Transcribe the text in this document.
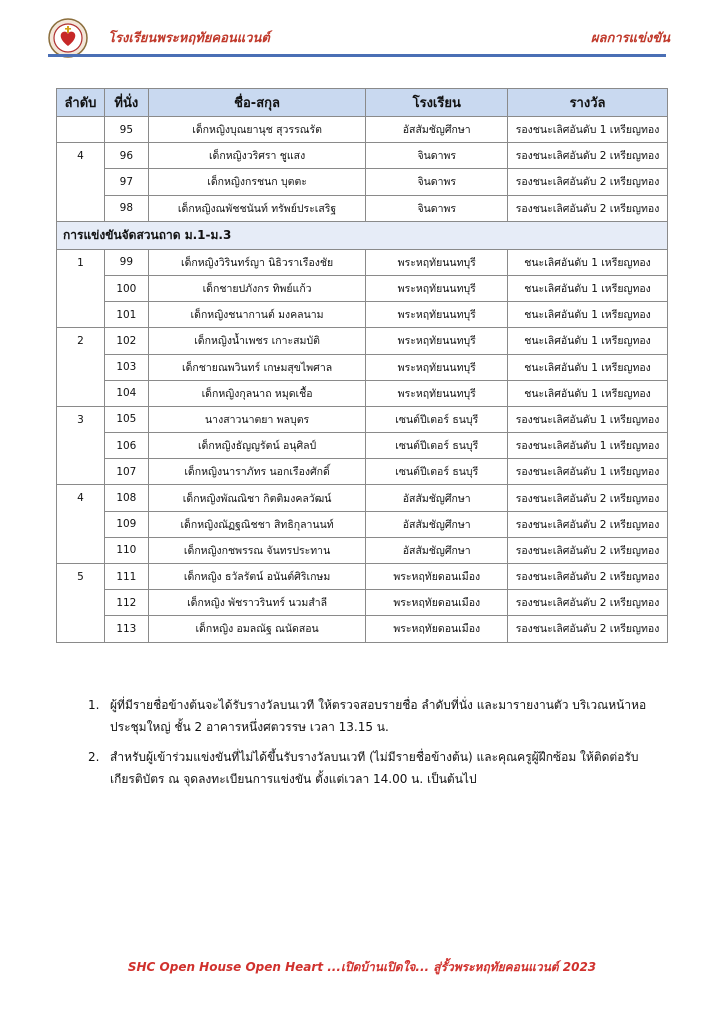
โรงเรียนพระหฤทัยคอนแวนต์	ผลการแข่งขัน
ลำดับ	ที่นั่ง	ชื่อ-สกุล	โรงเรียน	รางวัล
	95	เด็กหญิงบุณยานุช สุวรรณรัต	อัสสัมชัญศึกษา	รองชนะเลิศอันดับ 1 เหรียญทอง
4	96	เด็กหญิงวริศรา ชูแสง	จินดาพร	รองชนะเลิศอันดับ 2 เหรียญทอง
	97	เด็กหญิงกรชนก บุตตะ	จินดาพร	รองชนะเลิศอันดับ 2 เหรียญทอง
	98	เด็กหญิงณพัชชนันท์ ทรัพย์ประเสริฐ	จินดาพร	รองชนะเลิศอันดับ 2 เหรียญทอง
การแข่งขันจัดสวนถาด ม.1-ม.3				
1	99	เด็กหญิงวิรินทร์ญา นิธิวราเรืองชัย	พระหฤทัยนนทบุรี	ชนะเลิศอันดับ 1 เหรียญทอง
	100	เด็กชายปภังกร ทิพย์แก้ว	พระหฤทัยนนทบุรี	ชนะเลิศอันดับ 1 เหรียญทอง
	101	เด็กหญิงชนากานต์ มงคลนาม	พระหฤทัยนนทบุรี	ชนะเลิศอันดับ 1 เหรียญทอง
2	102	เด็กหญิงน้ำเพชร เกาะสมบัติ	พระหฤทัยนนทบุรี	ชนะเลิศอันดับ 1 เหรียญทอง
	103	เด็กชายณพวินทร์ เกษมสุขไพศาล	พระหฤทัยนนทบุรี	ชนะเลิศอันดับ 1 เหรียญทอง
	104	เด็กหญิงกุลนาถ หมุดเชื้อ	พระหฤทัยนนทบุรี	ชนะเลิศอันดับ 1 เหรียญทอง
3	105	นางสาวนาตยา พลบุตร	เซนต์ปีเตอร์ ธนบุรี	รองชนะเลิศอันดับ 1 เหรียญทอง
	106	เด็กหญิงธัญญรัตน์ อนุศิลป์	เซนต์ปีเตอร์ ธนบุรี	รองชนะเลิศอันดับ 1 เหรียญทอง
	107	เด็กหญิงนาราภัทร นอกเรืองศักดิ์	เซนต์ปีเตอร์ ธนบุรี	รองชนะเลิศอันดับ 1 เหรียญทอง
4	108	เด็กหญิงพัณณิชา กิตติมงคลวัฒน์	อัสสัมชัญศึกษา	รองชนะเลิศอันดับ 2 เหรียญทอง
	109	เด็กหญิงณัฏฐณิชชา สิทธิกุลานนท์	อัสสัมชัญศึกษา	รองชนะเลิศอันดับ 2 เหรียญทอง
	110	เด็กหญิงกชพรรณ จันทรประทาน	อัสสัมชัญศึกษา	รองชนะเลิศอันดับ 2 เหรียญทอง
5	111	เด็กหญิง ธวัลรัตน์ อนันต์ศิริเกษม	พระหฤทัยดอนเมือง	รองชนะเลิศอันดับ 2 เหรียญทอง
	112	เด็กหญิง พัชราวรินทร์ นวมสำลี	พระหฤทัยดอนเมือง	รองชนะเลิศอันดับ 2 เหรียญทอง
	113	เด็กหญิง อมลณัฐ ณนัดสอน	พระหฤทัยดอนเมือง	รองชนะเลิศอันดับ 2 เหรียญทอง
1. ผู้ที่มีรายชื่อข้างต้นจะได้รับรางวัลบนเวที ให้ตรวจสอบรายชื่อ ลำดับที่นั่ง และมารายงานตัว บริเวณหน้าหอประชุมใหญ่ ชั้น 2 อาคารหนึ่งศตวรรษ เวลา 13.15 น.
2. สำหรับผู้เข้าร่วมแข่งขันที่ไม่ได้ขึ้นรับรางวัลบนเวที (ไม่มีรายชื่อข้างต้น) และคุณครูผู้ฝึกซ้อม ให้ติดต่อรับเกียรติบัตร ณ จุดลงทะเบียนการแข่งขัน ตั้งแต่เวลา 14.00 น. เป็นต้นไป
SHC Open House Open Heart ...เปิดบ้านเปิดใจ... สู่รั้วพระหฤทัยคอนแวนต์ 2023
